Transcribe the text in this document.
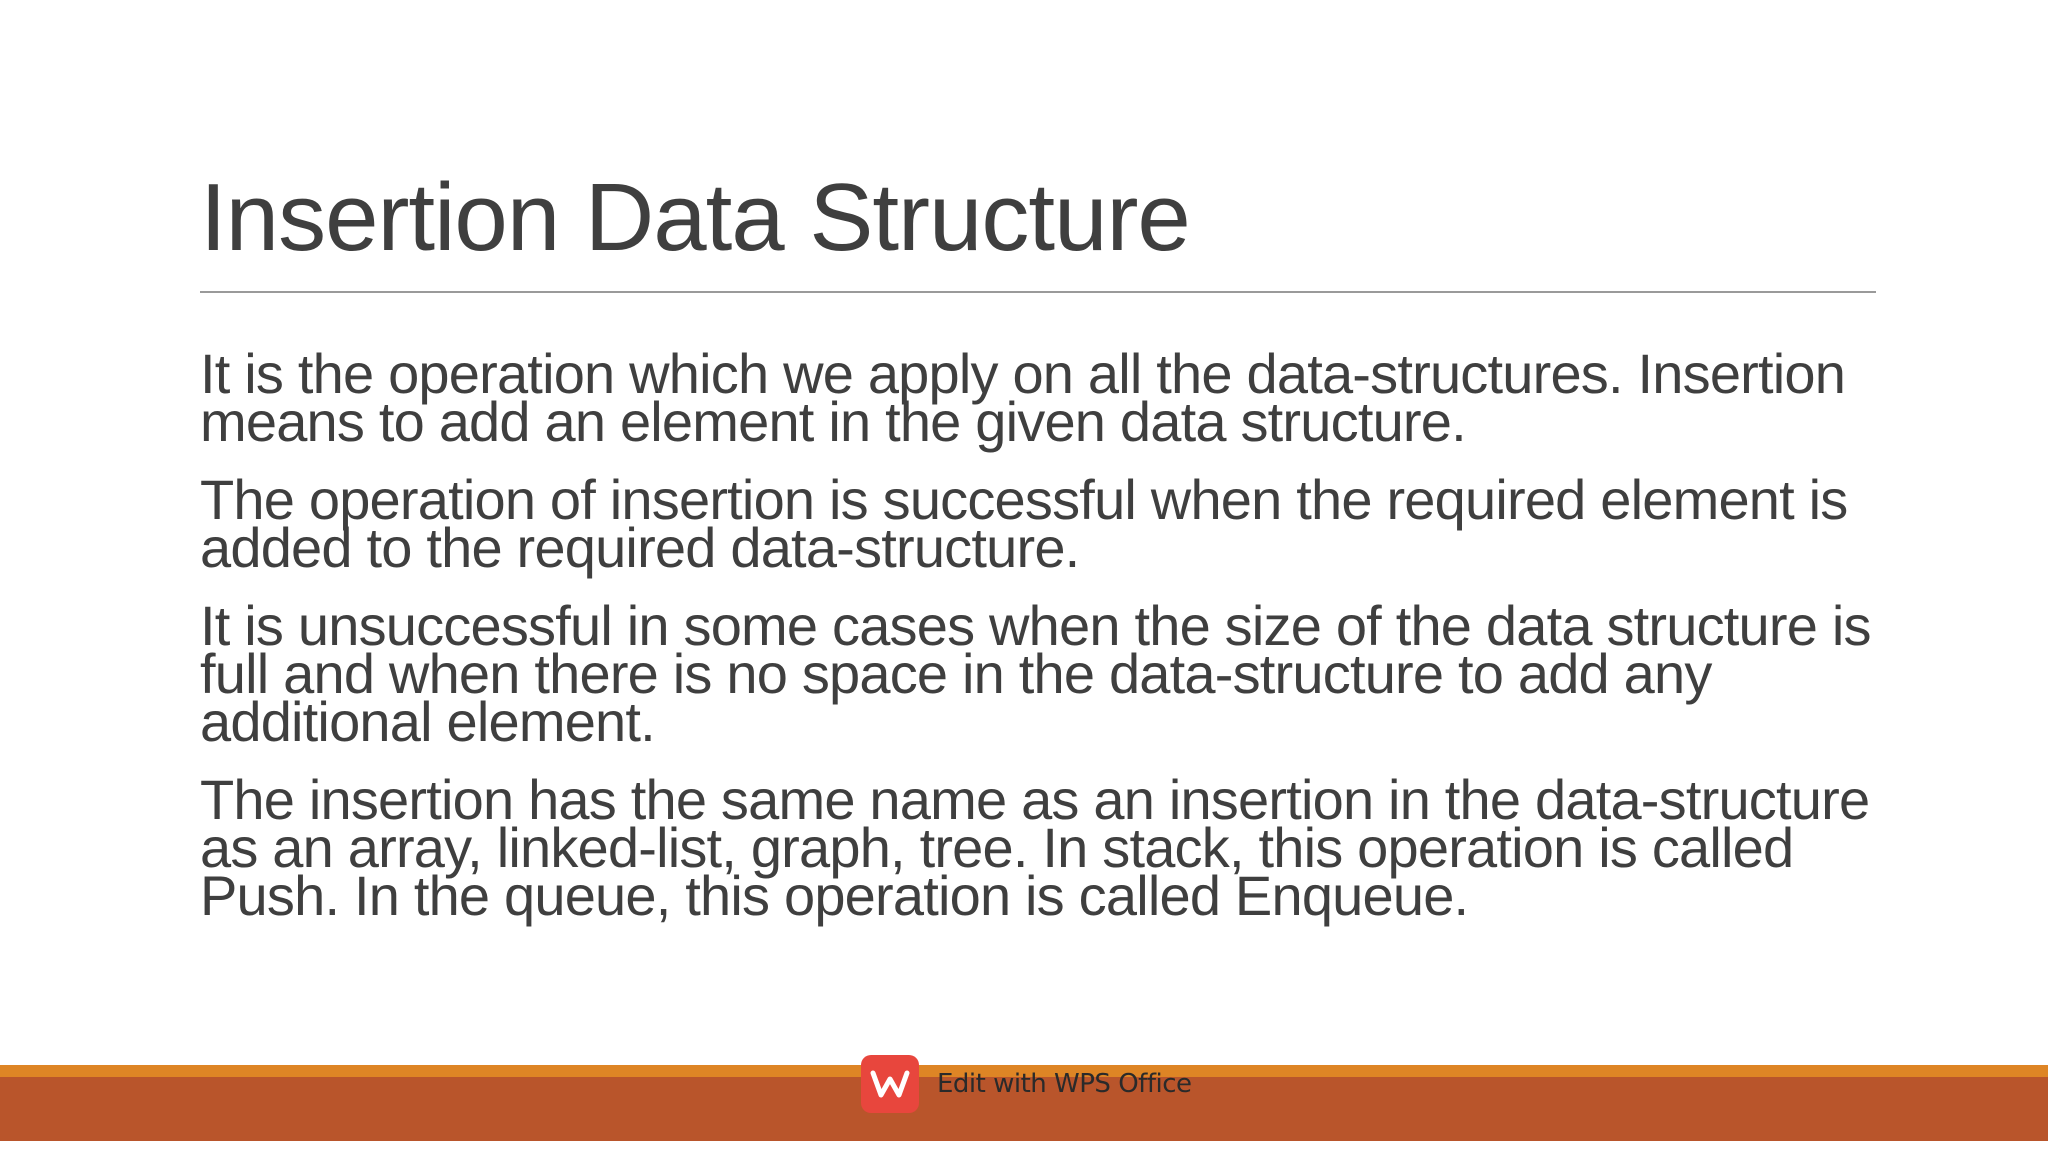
Insertion Data Structure

It is the operation which we apply on all the data-structures. Insertion means to add an element in the given data structure.

The operation of insertion is successful when the required element is added to the required data-structure.

It is unsuccessful in some cases when the size of the data structure is full and when there is no space in the data-structure to add any additional element.

The insertion has the same name as an insertion in the data-structure as an array, linked-list, graph, tree. In stack, this operation is called Push. In the queue, this operation is called Enqueue.

Edit with WPS Office
